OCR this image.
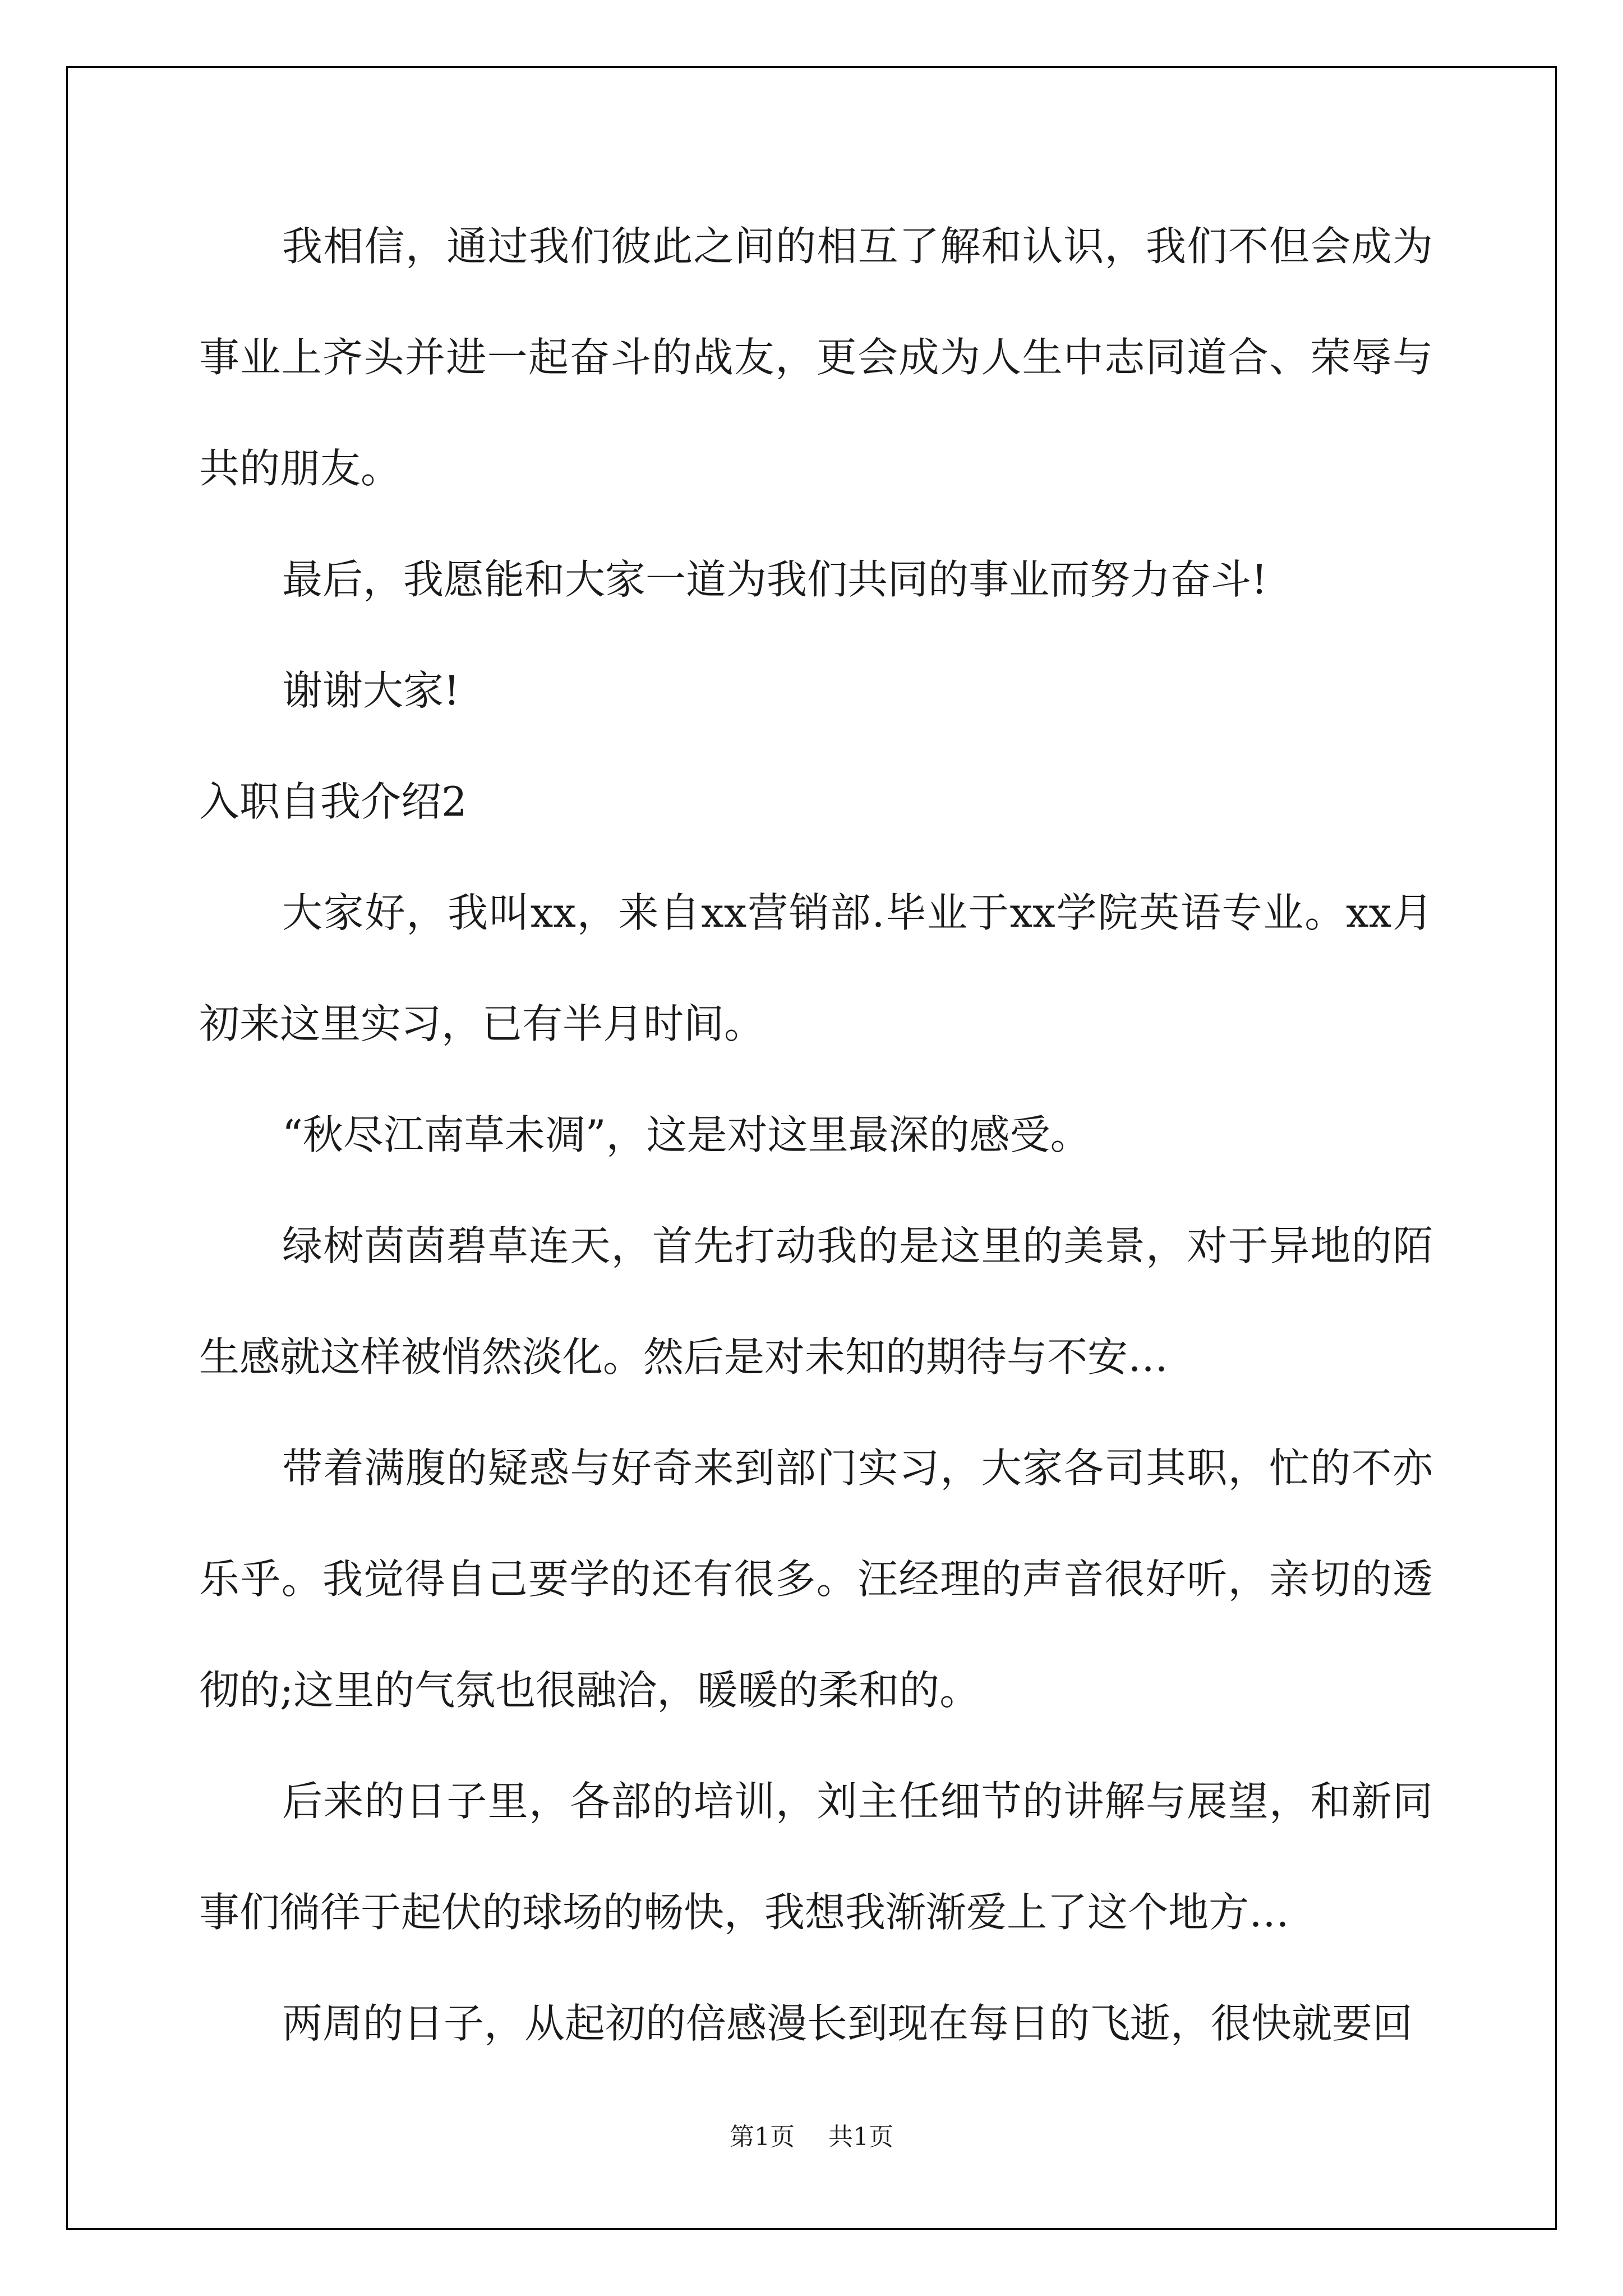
我相信，通过我们彼此之间的相互了解和认识，我们不但会成为事业上齐头并进一起奋斗的战友，更会成为人生中志同道合、荣辱与共的朋友。

最后，我愿能和大家一道为我们共同的事业而努力奋斗!

谢谢大家!

入职自我介绍2

大家好，我叫xx，来自xx营销部.毕业于xx学院英语专业。xx月初来这里实习，已有半月时间。

“秋尽江南草未凋”，这是对这里最深的感受。

绿树茵茵碧草连天，首先打动我的是这里的美景，对于异地的陌生感就这样被悄然淡化。然后是对未知的期待与不安…

带着满腹的疑惑与好奇来到部门实习，大家各司其职，忙的不亦乐乎。我觉得自己要学的还有很多。汪经理的声音很好听，亲切的透彻的;这里的气氛也很融洽，暖暖的柔和的。

后来的日子里，各部的培训，刘主任细节的讲解与展望，和新同事们徜徉于起伏的球场的畅快，我想我渐渐爱上了这个地方…

两周的日子，从起初的倍感漫长到现在每日的飞逝，很快就要回

第1页 共1页
